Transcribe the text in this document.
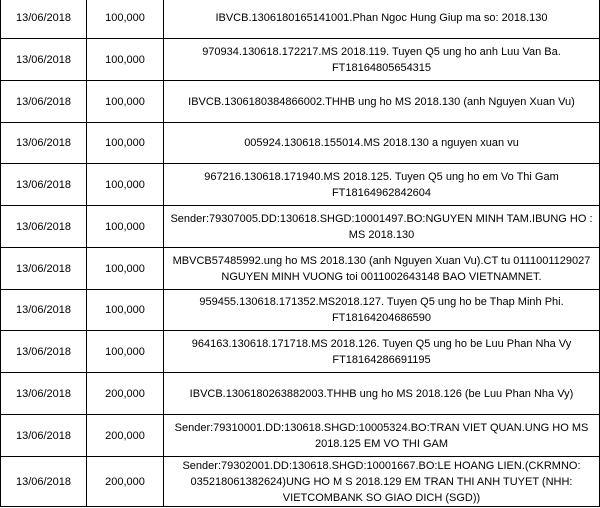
13/06/2018	100,000	IBVCB.1306180165141001.Phan Ngoc Hung Giup ma so: 2018.130
13/06/2018	100,000	970934.130618.172217.MS 2018.119. Tuyen Q5 ung ho anh Luu Van Ba. FT18164805654315
13/06/2018	100,000	IBVCB.1306180384866002.THHB ung ho MS 2018.130 (anh Nguyen Xuan Vu)
13/06/2018	100,000	005924.130618.155014.MS 2018.130 a nguyen xuan vu
13/06/2018	100,000	967216.130618.171940.MS 2018.125. Tuyen Q5 ung ho em Vo Thi Gam FT18164962842604
13/06/2018	100,000	Sender:79307005.DD:130618.SHGD:10001497.BO:NGUYEN MINH TAM.IBUNG HO : MS 2018.130
13/06/2018	100,000	MBVCB57485992.ung ho MS 2018.130 (anh Nguyen Xuan Vu).CT tu 0111001129027 NGUYEN MINH VUONG toi 0011002643148 BAO VIETNAMNET.
13/06/2018	100,000	959455.130618.171352.MS2018.127. Tuyen Q5 ung ho be Thap Minh Phi. FT18164204686590
13/06/2018	100,000	964163.130618.171718.MS 2018.126. Tuyen Q5 ung ho be Luu Phan Nha Vy FT18164286691195
13/06/2018	200,000	IBVCB.1306180263882003.THHB ung ho MS 2018.126 (be Luu Phan Nha Vy)
13/06/2018	200,000	Sender:79310001.DD:130618.SHGD:10005324.BO:TRAN VIET QUAN.UNG HO MS 2018.125 EM VO THI GAM
13/06/2018	200,000	Sender:79302001.DD:130618.SHGD:10001667.BO:LE HOANG LIEN.(CKRMNO: 035218061382624)UNG HO M S 2018.129 EM TRAN THI ANH TUYET (NHH: VIETCOMBANK SO GIAO DICH (SGD))
